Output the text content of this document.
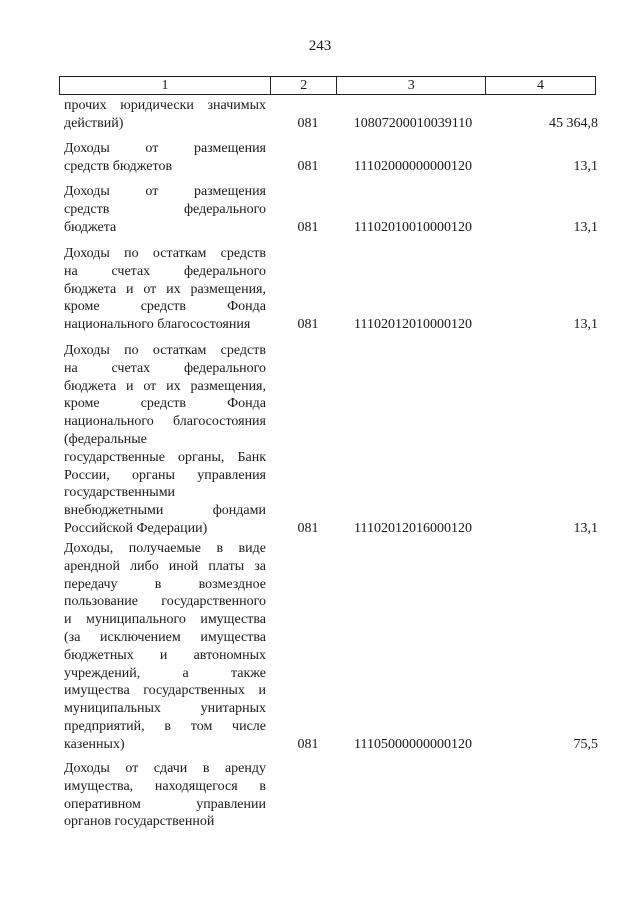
243
1	2	3	4
прочих юридически значимых
действий)	081	10807200010039110	45 364,8
Доходы от размещения
средств бюджетов	081	11102000000000120	13,1
Доходы от размещения
средств федерального
бюджета	081	11102010010000120	13,1
Доходы по остаткам средств
на счетах федерального
бюджета и от их размещения,
кроме средств Фонда
национального благосостояния	081	11102012010000120	13,1
Доходы по остаткам средств
на счетах федерального
бюджета и от их размещения,
кроме средств Фонда
национального благосостояния
(федеральные
государственные органы, Банк
России, органы управления
государственными
внебюджетными фондами
Российской Федерации)	081	11102012016000120	13,1
Доходы, получаемые в виде
арендной либо иной платы за
передачу в возмездное
пользование государственного
и муниципального имущества
(за исключением имущества
бюджетных и автономных
учреждений, а также
имущества государственных и
муниципальных унитарных
предприятий, в том числе
казенных)	081	11105000000000120	75,5
Доходы от сдачи в аренду
имущества, находящегося в
оперативном управлении
органов государственной
